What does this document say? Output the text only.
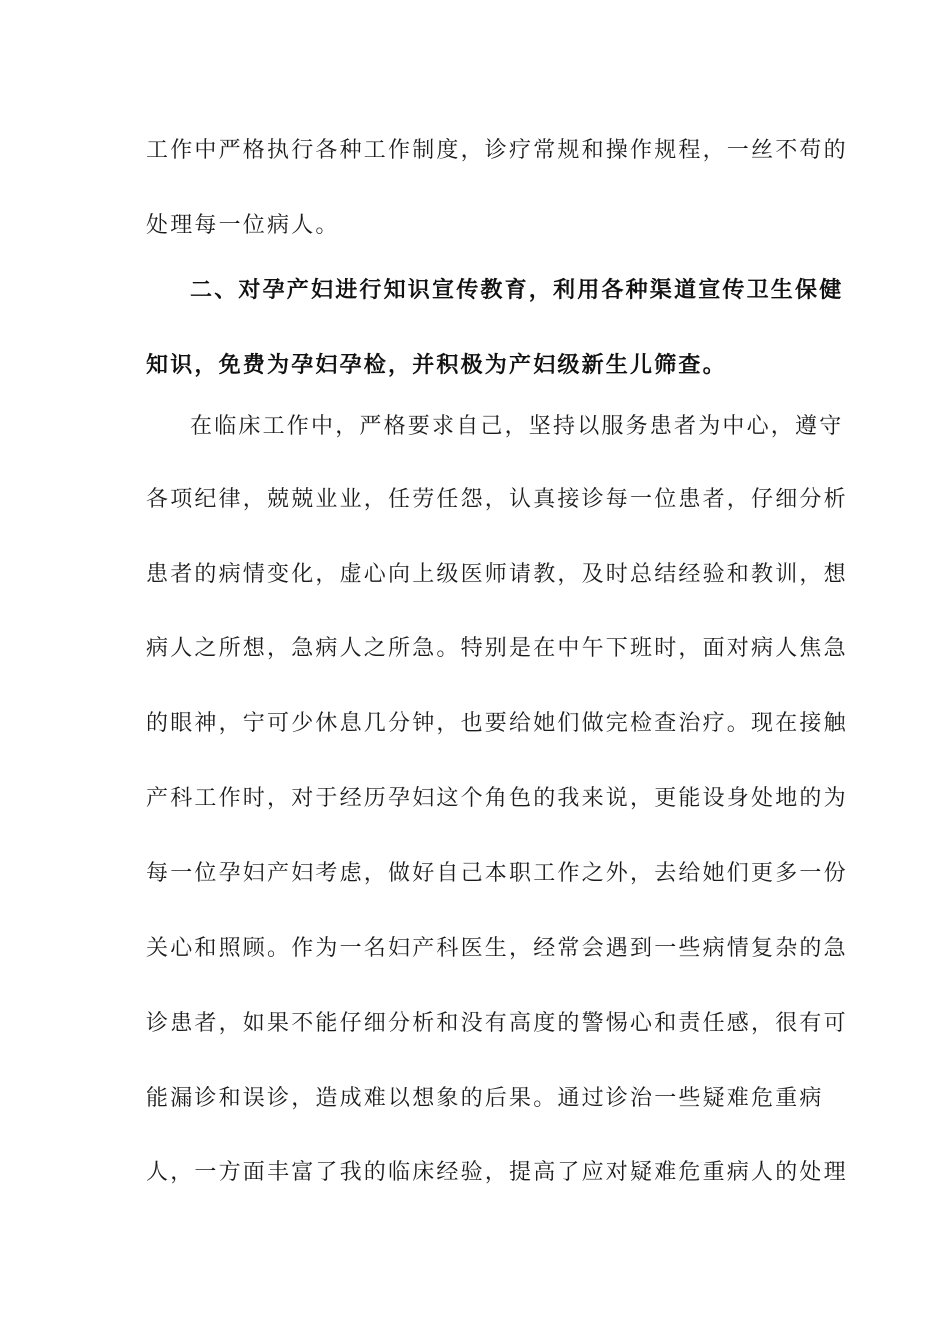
工作中严格执行各种工作制度，诊疗常规和操作规程，一丝不苟的
处理每一位病人。
二、对孕产妇进行知识宣传教育，利用各种渠道宣传卫生保健
知识，免费为孕妇孕检，并积极为产妇级新生儿筛查。
在临床工作中，严格要求自己，坚持以服务患者为中心，遵守
各项纪律，兢兢业业，任劳任怨，认真接诊每一位患者，仔细分析
患者的病情变化，虚心向上级医师请教，及时总结经验和教训，想
病人之所想，急病人之所急。特别是在中午下班时，面对病人焦急
的眼神，宁可少休息几分钟，也要给她们做完检查治疗。现在接触
产科工作时，对于经历孕妇这个角色的我来说，更能设身处地的为
每一位孕妇产妇考虑，做好自己本职工作之外，去给她们更多一份
关心和照顾。作为一名妇产科医生，经常会遇到一些病情复杂的急
诊患者，如果不能仔细分析和没有高度的警惕心和责任感，很有可
能漏诊和误诊，造成难以想象的后果。通过诊治一些疑难危重病
人，一方面丰富了我的临床经验，提高了应对疑难危重病人的处理
